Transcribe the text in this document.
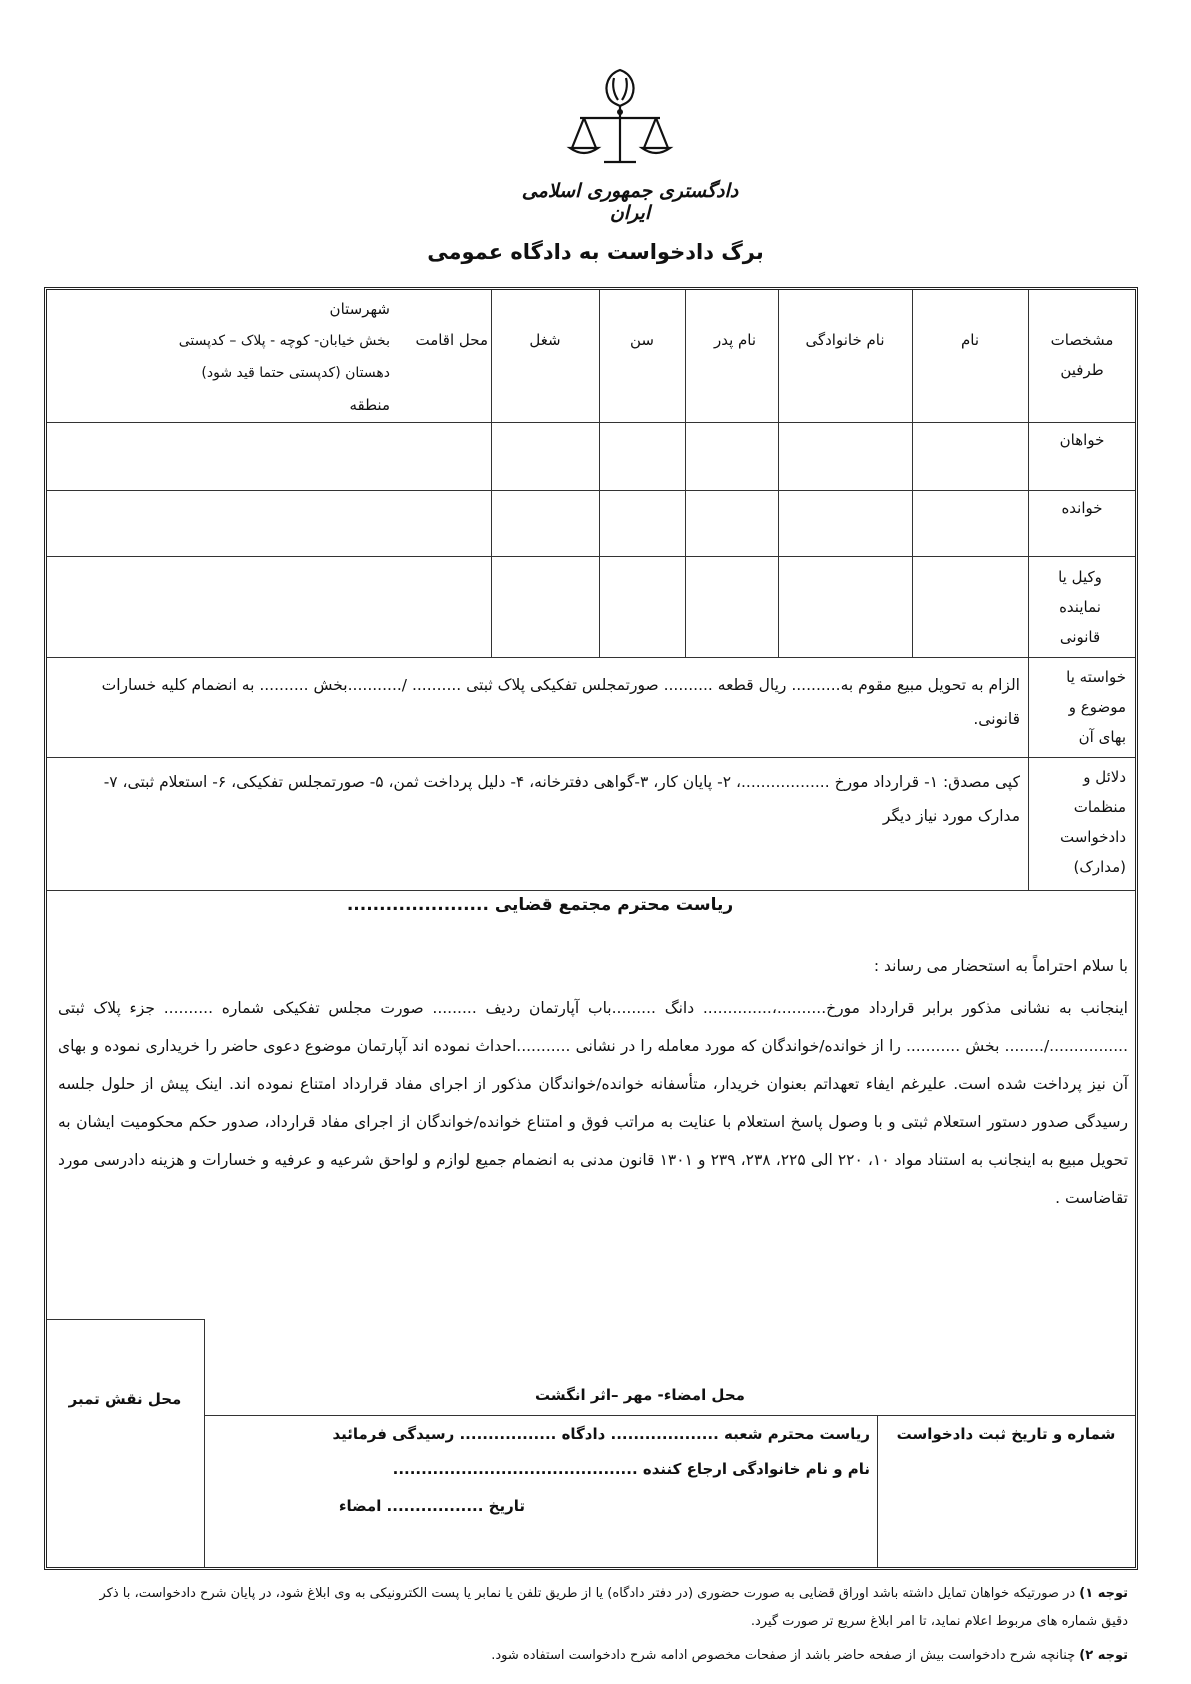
دادگستری جمهوری اسلامی ایران
برگ دادخواست به دادگاه عمومی
مشخصات طرفین
نام
نام خانوادگی
نام پدر
سن
شغل
محل اقامت
شهرستان
بخش خیابان- کوچه - پلاک – کدپستی
دهستان (کدپستی حتما قید شود)
منطقه
خواهان
خوانده
وکیل یا نماینده قانونی
خواسته یا موضوع و بهای آن
الزام به تحویل مبیع مقوم به.......... ریال قطعه .......... صورتمجلس تفکیکی پلاک ثبتی .......... /...........بخش .......... به انضمام کلیه خسارات قانونی.
دلائل و منظمات دادخواست (مدارک)
کپی مصدق: ۱- قرارداد مورخ ..................، ۲- پایان کار، ۳-گواهی دفترخانه، ۴- دلیل پرداخت ثمن، ۵- صورتمجلس تفکیکی، ۶- استعلام ثبتی، ۷- مدارک مورد نیاز دیگر
ریاست محترم مجتمع قضایی ......................
با سلام احتراماً به استحضار می رساند :
اینجانب به نشانی مذکور برابر قرارداد مورخ..........،.............. دانگ .........باب آپارتمان ردیف ......... صورت مجلس تفکیکی شماره .......... جزء پلاک ثبتی ................/........ بخش ........... را از خوانده/خواندگان که مورد معامله را در نشانی ...........احداث نموده اند آپارتمان موضوع دعوی حاضر را خریداری نموده و بهای آن نیز پرداخت شده است. علیرغم ایفاء تعهداتم بعنوان خریدار، متأسفانه خوانده/خواندگان مذکور از اجرای مفاد قرارداد امتناع نموده اند. اینک پیش از حلول جلسه رسیدگی صدور دستور استعلام ثبتی و با وصول پاسخ استعلام با عنایت به مراتب فوق و امتناع خوانده/خواندگان از اجرای مفاد قرارداد، صدور حکم محکومیت ایشان به تحویل مبیع به اینجانب به استناد مواد ۱۰، ۲۲۰ الی ۲۲۵، ۲۳۸، ۲۳۹ و ۱۳۰۱ قانون مدنی به انضمام جمیع لوازم و لواحق شرعیه و عرفیه و خسارات و هزینه دادرسی مورد تقاضاست .
محل نقش تمبر	محل امضاء- مهر –اثر انگشت
شماره و تاریخ ثبت دادخواست
ریاست محترم شعبه ................... دادگاه ................. رسیدگی فرمائید
نام و نام خانوادگی ارجاع کننده ...........................................
تاریخ ................. امضاء
توجه ۱) در صورتیکه خواهان تمایل داشته باشد اوراق قضایی به صورت حضوری (در دفتر دادگاه) یا از طریق تلفن یا نمابر یا پست الکترونیکی به وی ابلاغ شود، در پایان شرح دادخواست، با ذکر دقیق شماره های مربوط اعلام نماید، تا امر ابلاغ سریع تر صورت گیرد.
توجه ۲) چنانچه شرح دادخواست بیش از صفحه حاضر باشد از صفحات مخصوص ادامه شرح دادخواست استفاده شود.
